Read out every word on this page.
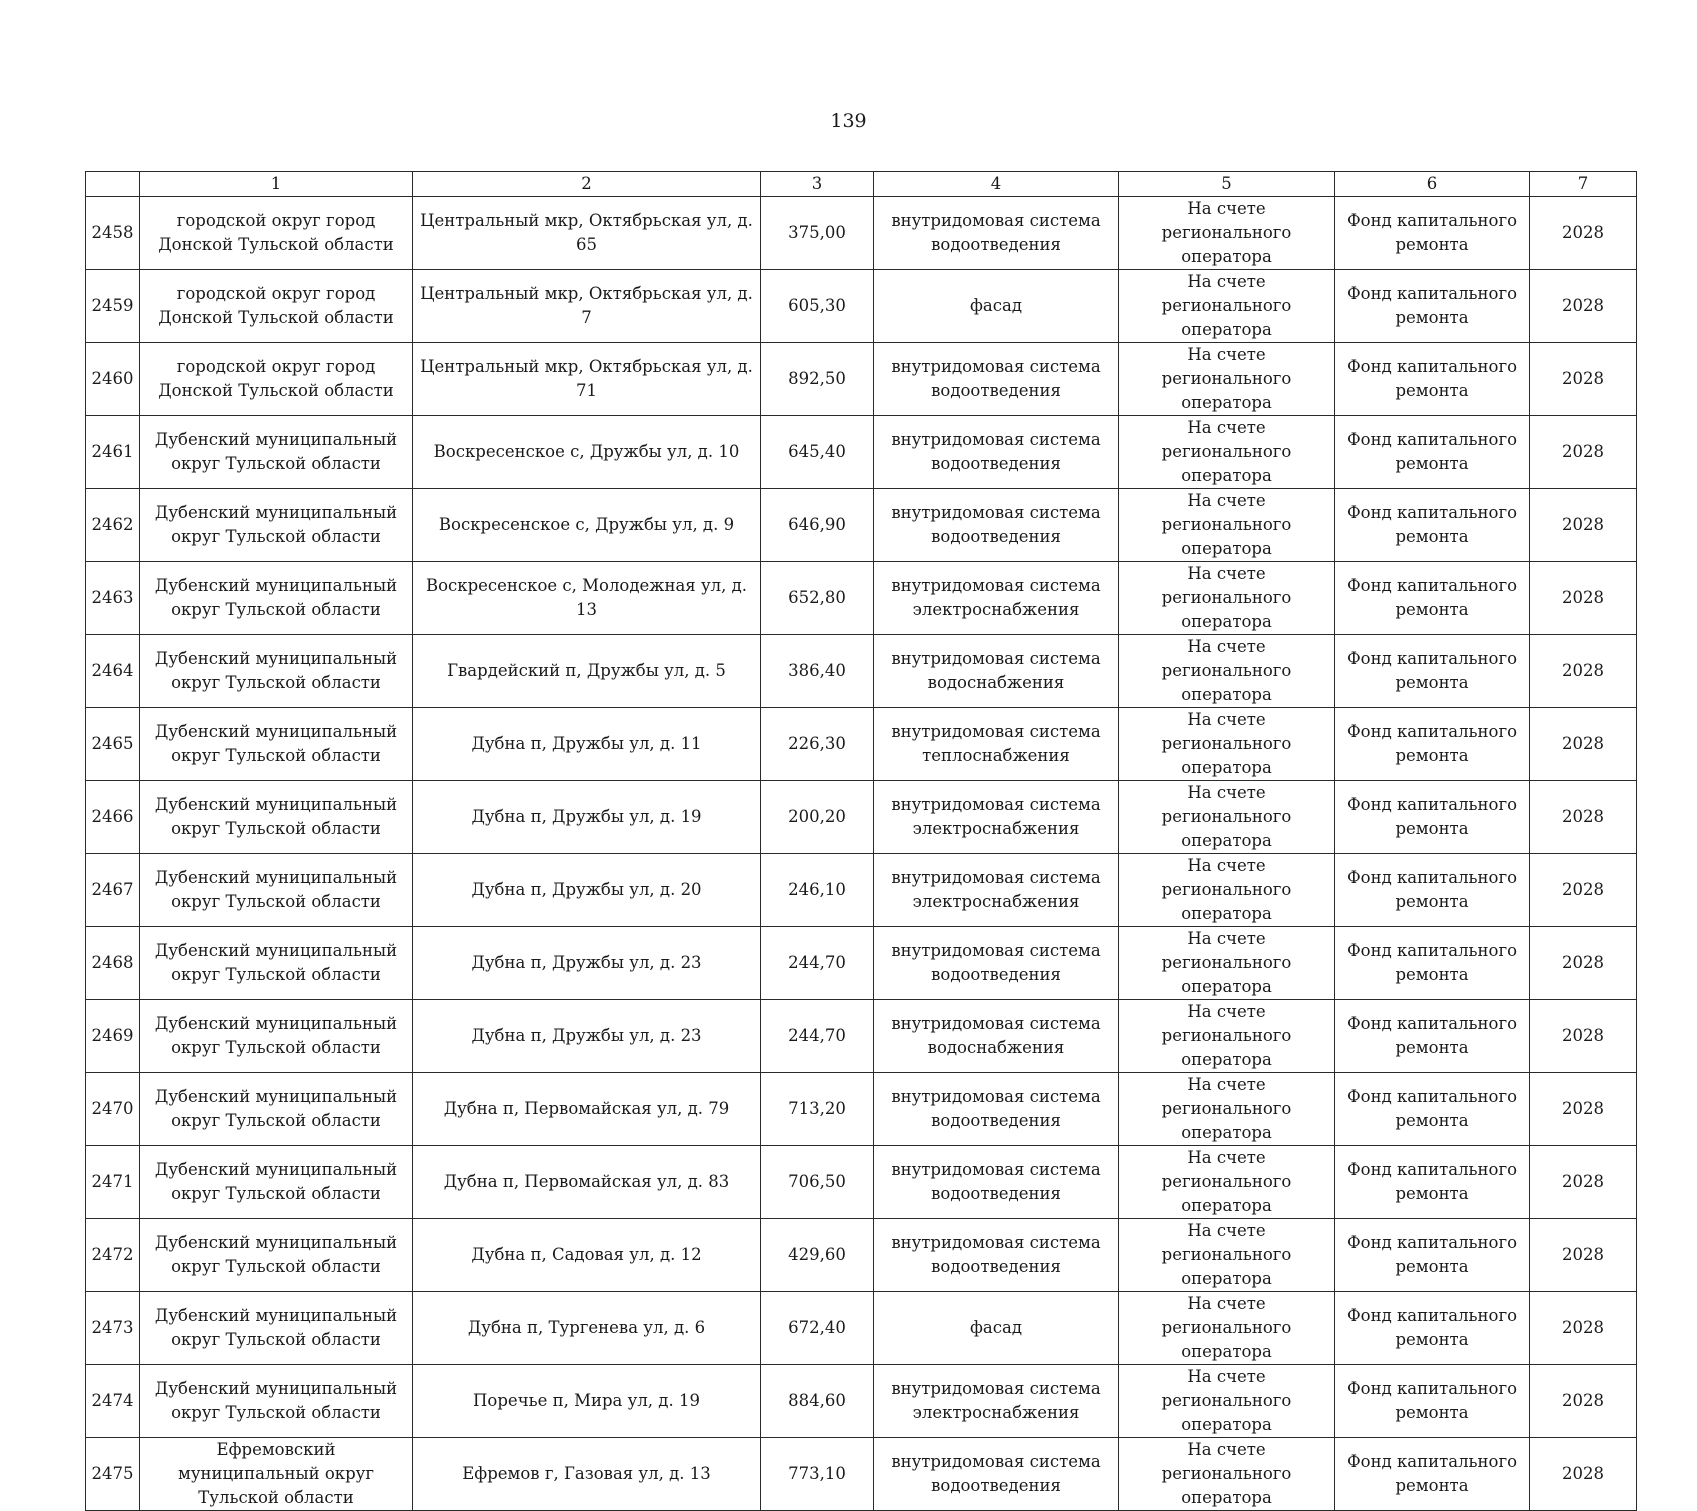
139
	1	2	3	4	5	6	7
2458	городской округ город Донской Тульской области	Центральный мкр, Октябрьская ул, д. 65	375,00	внутридомовая система водоотведения	На счете регионального оператора	Фонд капитального ремонта	2028
2459	городской округ город Донской Тульской области	Центральный мкр, Октябрьская ул, д. 7	605,30	фасад	На счете регионального оператора	Фонд капитального ремонта	2028
2460	городской округ город Донской Тульской области	Центральный мкр, Октябрьская ул, д. 71	892,50	внутридомовая система водоотведения	На счете регионального оператора	Фонд капитального ремонта	2028
2461	Дубенский муниципальный округ Тульской области	Воскресенское с, Дружбы ул, д. 10	645,40	внутридомовая система водоотведения	На счете регионального оператора	Фонд капитального ремонта	2028
2462	Дубенский муниципальный округ Тульской области	Воскресенское с, Дружбы ул, д. 9	646,90	внутридомовая система водоотведения	На счете регионального оператора	Фонд капитального ремонта	2028
2463	Дубенский муниципальный округ Тульской области	Воскресенское с, Молодежная ул, д. 13	652,80	внутридомовая система электроснабжения	На счете регионального оператора	Фонд капитального ремонта	2028
2464	Дубенский муниципальный округ Тульской области	Гвардейский п, Дружбы ул, д. 5	386,40	внутридомовая система водоснабжения	На счете регионального оператора	Фонд капитального ремонта	2028
2465	Дубенский муниципальный округ Тульской области	Дубна п, Дружбы ул, д. 11	226,30	внутридомовая система теплоснабжения	На счете регионального оператора	Фонд капитального ремонта	2028
2466	Дубенский муниципальный округ Тульской области	Дубна п, Дружбы ул, д. 19	200,20	внутридомовая система электроснабжения	На счете регионального оператора	Фонд капитального ремонта	2028
2467	Дубенский муниципальный округ Тульской области	Дубна п, Дружбы ул, д. 20	246,10	внутридомовая система электроснабжения	На счете регионального оператора	Фонд капитального ремонта	2028
2468	Дубенский муниципальный округ Тульской области	Дубна п, Дружбы ул, д. 23	244,70	внутридомовая система водоотведения	На счете регионального оператора	Фонд капитального ремонта	2028
2469	Дубенский муниципальный округ Тульской области	Дубна п, Дружбы ул, д. 23	244,70	внутридомовая система водоснабжения	На счете регионального оператора	Фонд капитального ремонта	2028
2470	Дубенский муниципальный округ Тульской области	Дубна п, Первомайская ул, д. 79	713,20	внутридомовая система водоотведения	На счете регионального оператора	Фонд капитального ремонта	2028
2471	Дубенский муниципальный округ Тульской области	Дубна п, Первомайская ул, д. 83	706,50	внутридомовая система водоотведения	На счете регионального оператора	Фонд капитального ремонта	2028
2472	Дубенский муниципальный округ Тульской области	Дубна п, Садовая ул, д. 12	429,60	внутридомовая система водоотведения	На счете регионального оператора	Фонд капитального ремонта	2028
2473	Дубенский муниципальный округ Тульской области	Дубна п, Тургенева ул, д. 6	672,40	фасад	На счете регионального оператора	Фонд капитального ремонта	2028
2474	Дубенский муниципальный округ Тульской области	Поречье п, Мира ул, д. 19	884,60	внутридомовая система электроснабжения	На счете регионального оператора	Фонд капитального ремонта	2028
2475	Ефремовский муниципальный округ Тульской области	Ефремов г, Газовая ул, д. 13	773,10	внутридомовая система водоотведения	На счете регионального оператора	Фонд капитального ремонта	2028
